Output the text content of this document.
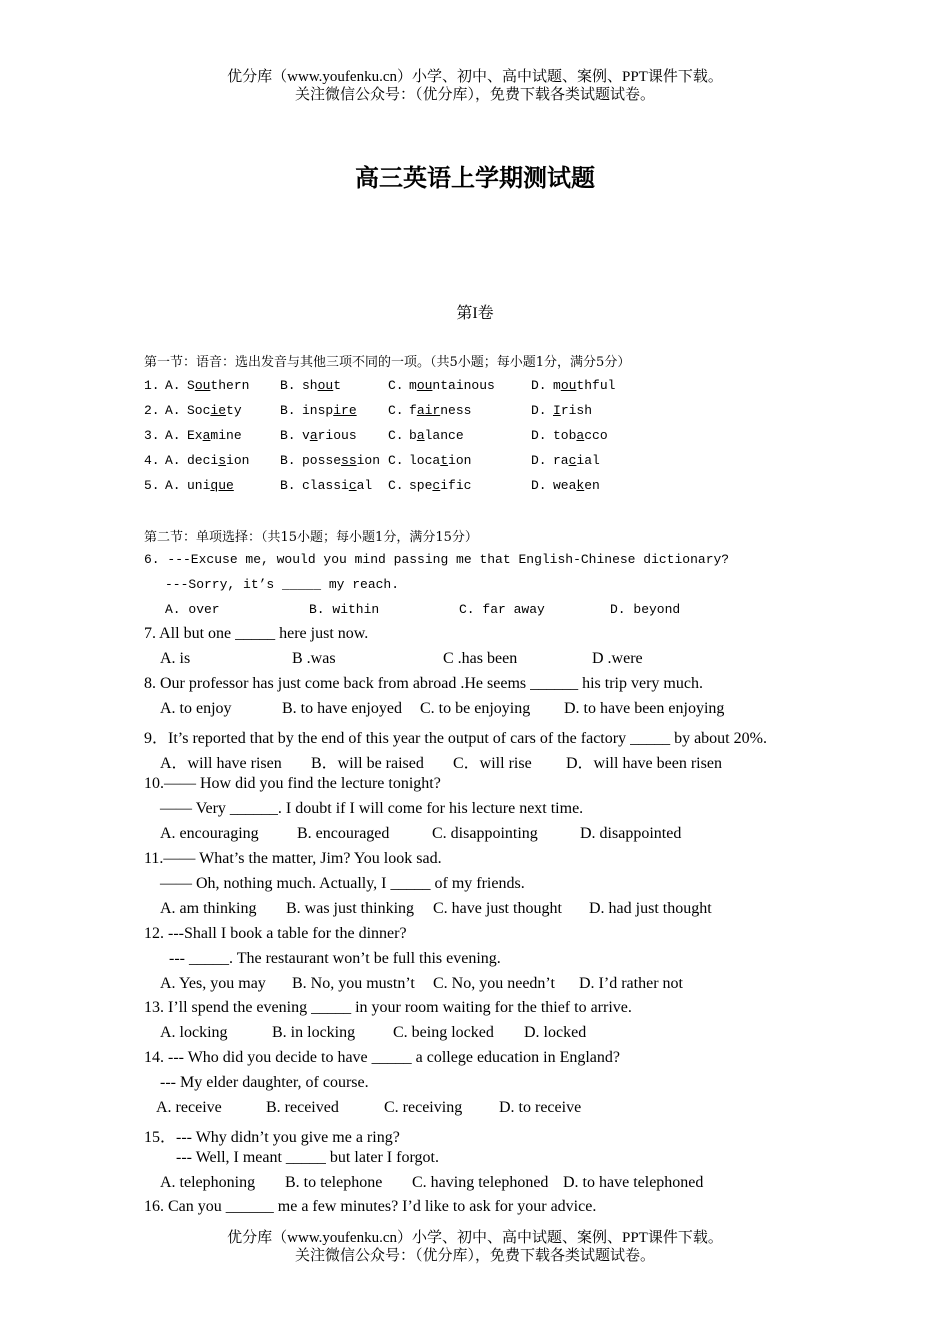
优分库（www.youfenku.cn）小学、初中、高中试题、案例、PPT课件下载。
关注微信公众号：（优分库），免费下载各类试题试卷。
高三英语上学期测试题
第I卷
第一节：语音：选出发音与其他三项不同的一项。（共5小题；每小题1分，满分5分）
1. A. Southern B. shout	C. mountainous	D. mouthful
2. A. Society	B. inspire C. fairness	D. Irish
3. A. Examine	B. various C. balance	D. tobacco
4. A. decision B. possession C. location	D. racial
5. A. unique	B. classical C. specific	D. weaken
第二节：单项选择：（共15小题；每小题1分，满分15分）
6. ---Excuse me, would you mind passing me that English-Chinese dictionary?
---Sorry, it’s _____ my reach.
A. over	B. within	C. far away	D. beyond
7. All but one _____ here just now.
A. is	B .was	C .has been	D .were
8. Our professor has just come back from abroad .He seems ______ his trip very much.
A. to enjoy	B. to have enjoyed C. to be enjoying D. to have been enjoying
9．It’s reported that by the end of this year the output of cars of the factory _____ by about 20%.
A．will have risen B．will be raised C．will rise D．will have been risen
10.—— How did you find the lecture tonight?
—— Very ______. I doubt if I will come for his lecture next time.
A. encouraging B. encouraged	C. disappointing	D. disappointed
11.—— What’s the matter, Jim? You look sad.
—— Oh, nothing much. Actually, I _____ of my friends.
A. am thinking B. was just thinking C. have just thought D. had just thought
12. ---Shall I book a table for the dinner?
--- _____. The restaurant won’t be full this evening.
A. Yes, you may B. No, you mustn’t C. No, you needn’t D. I’d rather not
13. I’ll spend the evening _____ in your room waiting for the thief to arrive.
A. locking	B. in locking C. being locked D. locked
14. --- Who did you decide to have _____ a college education in England?
--- My elder daughter, of course.
A. receive	B. received	C. receiving D. to receive
15．--- Why didn’t you give me a ring?
--- Well, I meant _____ but later I forgot.
A. telephoning B. to telephone C. having telephoned D. to have telephoned
16. Can you ______ me a few minutes? I’d like to ask for your advice.
优分库（www.youfenku.cn）小学、初中、高中试题、案例、PPT课件下载。
关注微信公众号：（优分库），免费下载各类试题试卷。
